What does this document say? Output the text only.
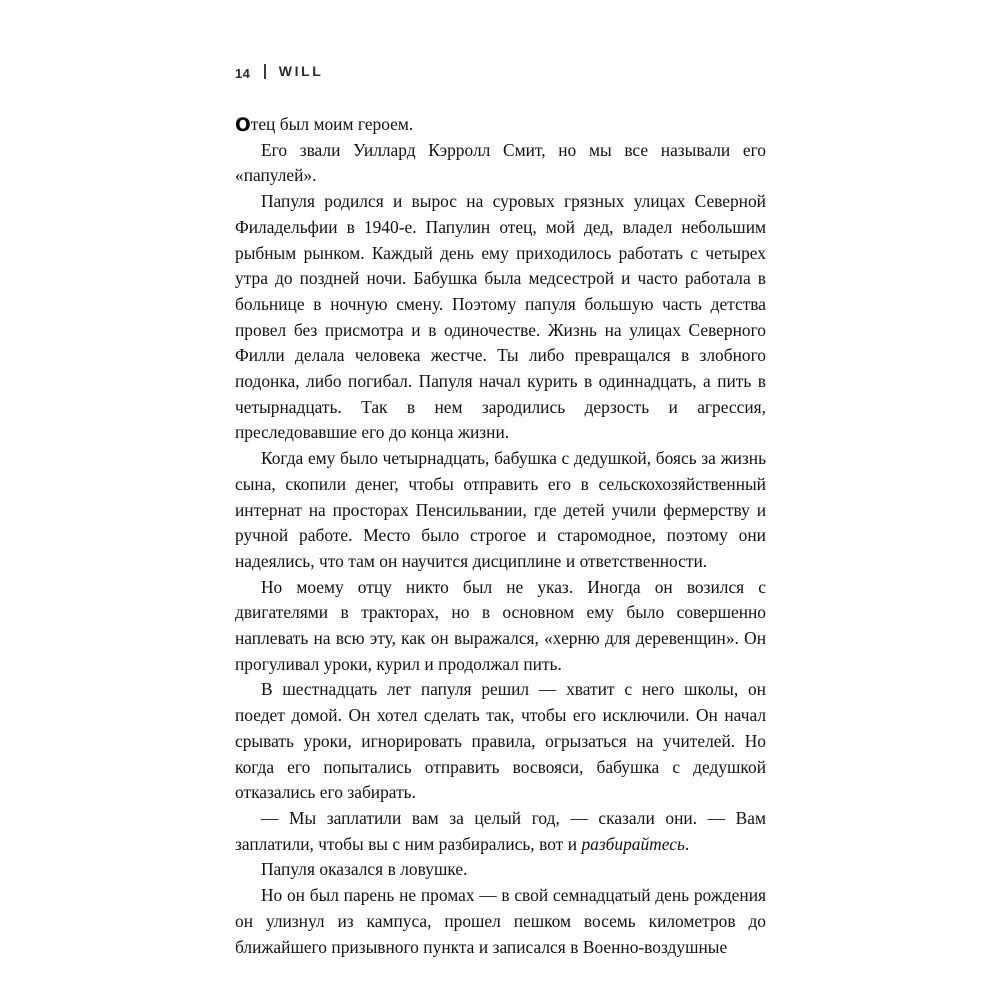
14 WILL

Отец был моим героем.

Его звали Уиллард Кэрролл Смит, но мы все называли его «папулей».

Папуля родился и вырос на суровых грязных улицах Северной Филадельфии в 1940-е. Папулин отец, мой дед, владел небольшим рыбным рынком. Каждый день ему приходилось работать с четырех утра до поздней ночи. Бабушка была медсестрой и часто работала в больнице в ночную смену. Поэтому папуля большую часть детства провел без присмотра и в одиночестве. Жизнь на улицах Северного Филли делала человека жестче. Ты либо превращался в злобного подонка, либо погибал. Папуля начал курить в одиннадцать, а пить в четырнадцать. Так в нем зародились дерзость и агрессия, преследовавшие его до конца жизни.

Когда ему было четырнадцать, бабушка с дедушкой, боясь за жизнь сына, скопили денег, чтобы отправить его в сельскохозяйственный интернат на просторах Пенсильвании, где детей учили фермерству и ручной работе. Место было строгое и старомодное, поэтому они надеялись, что там он научится дисциплине и ответственности.

Но моему отцу никто был не указ. Иногда он возился с двигателями в тракторах, но в основном ему было совершенно наплевать на всю эту, как он выражался, «херню для деревенщин». Он прогуливал уроки, курил и продолжал пить.

В шестнадцать лет папуля решил — хватит с него школы, он поедет домой. Он хотел сделать так, чтобы его исключили. Он начал срывать уроки, игнорировать правила, огрызаться на учителей. Но когда его попытались отправить восвояси, бабушка с дедушкой отказались его забирать.

— Мы заплатили вам за целый год, — сказали они. — Вам заплатили, чтобы вы с ним разбирались, вот и разбирайтесь.

Папуля оказался в ловушке.

Но он был парень не промах — в свой семнадцатый день рождения он улизнул из кампуса, прошел пешком восемь километров до ближайшего призывного пункта и записался в Военно-воздушные
